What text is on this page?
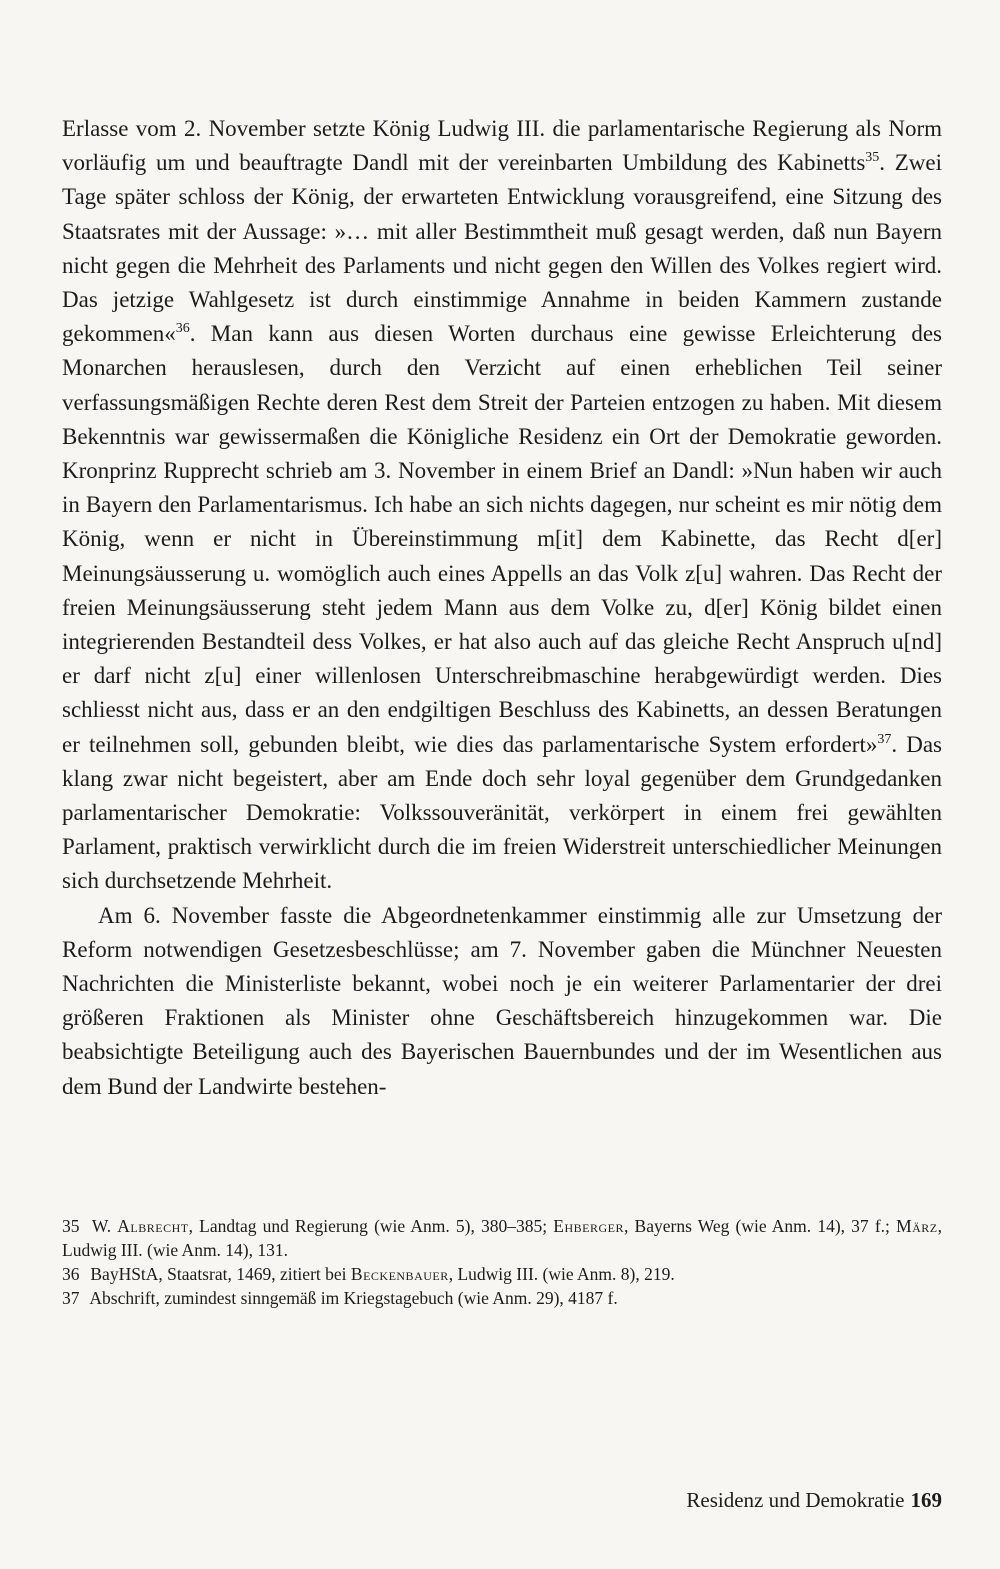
Erlasse vom 2. November setzte König Ludwig III. die parlamentarische Regierung als Norm vorläufig um und beauftragte Dandl mit der vereinbarten Umbildung des Kabinetts$^{35}$. Zwei Tage später schloss der König, der erwarteten Entwicklung vorausgreifend, eine Sitzung des Staatsrates mit der Aussage: »… mit aller Bestimmtheit muß gesagt werden, daß nun Bayern nicht gegen die Mehrheit des Parlaments und nicht gegen den Willen des Volkes regiert wird. Das jetzige Wahlgesetz ist durch einstimmige Annahme in beiden Kammern zustande gekommen«$^{36}$. Man kann aus diesen Worten durchaus eine gewisse Erleichterung des Monarchen herauslesen, durch den Verzicht auf einen erheblichen Teil seiner verfassungsmäßigen Rechte deren Rest dem Streit der Parteien entzogen zu haben. Mit diesem Bekenntnis war gewissermaßen die Königliche Residenz ein Ort der Demokratie geworden. Kronprinz Rupprecht schrieb am 3. November in einem Brief an Dandl: »Nun haben wir auch in Bayern den Parlamentarismus. Ich habe an sich nichts dagegen, nur scheint es mir nötig dem König, wenn er nicht in Übereinstimmung m[it] dem Kabinette, das Recht d[er] Meinungsäusserung u. womöglich auch eines Appells an das Volk z[u] wahren. Das Recht der freien Meinungsäusserung steht jedem Mann aus dem Volke zu, d[er] König bildet einen integrierenden Bestandteil dess Volkes, er hat also auch auf das gleiche Recht Anspruch u[nd] er darf nicht z[u] einer willenlosen Unterschreibmaschine herabgewürdigt werden. Dies schliesst nicht aus, dass er an den endgiltigen Beschluss des Kabinetts, an dessen Beratungen er teilnehmen soll, gebunden bleibt, wie dies das parlamentarische System erfordert»$^{37}$. Das klang zwar nicht begeistert, aber am Ende doch sehr loyal gegenüber dem Grundgedanken parlamentarischer Demokratie: Volkssouveränität, verkörpert in einem frei gewählten Parlament, praktisch verwirklicht durch die im freien Widerstreit unterschiedlicher Meinungen sich durchsetzende Mehrheit.

Am 6. November fasste die Abgeordnetenkammer einstimmig alle zur Umsetzung der Reform notwendigen Gesetzesbeschlüsse; am 7. November gaben die Münchner Neuesten Nachrichten die Ministerliste bekannt, wobei noch je ein weiterer Parlamentarier der drei größeren Fraktionen als Minister ohne Geschäftsbereich hinzugekommen war. Die beabsichtigte Beteiligung auch des Bayerischen Bauernbundes und der im Wesentlichen aus dem Bund der Landwirte bestehen-

35 W. Albrecht, Landtag und Regierung (wie Anm. 5), 380–385; Ehberger, Bayerns Weg (wie Anm. 14), 37 f.; März, Ludwig III. (wie Anm. 14), 131.
36 BayHStA, Staatsrat, 1469, zitiert bei Beckenbauer, Ludwig III. (wie Anm. 8), 219.
37 Abschrift, zumindest sinngemäß im Kriegstagebuch (wie Anm. 29), 4187 f.
Residenz und Demokratie 169
